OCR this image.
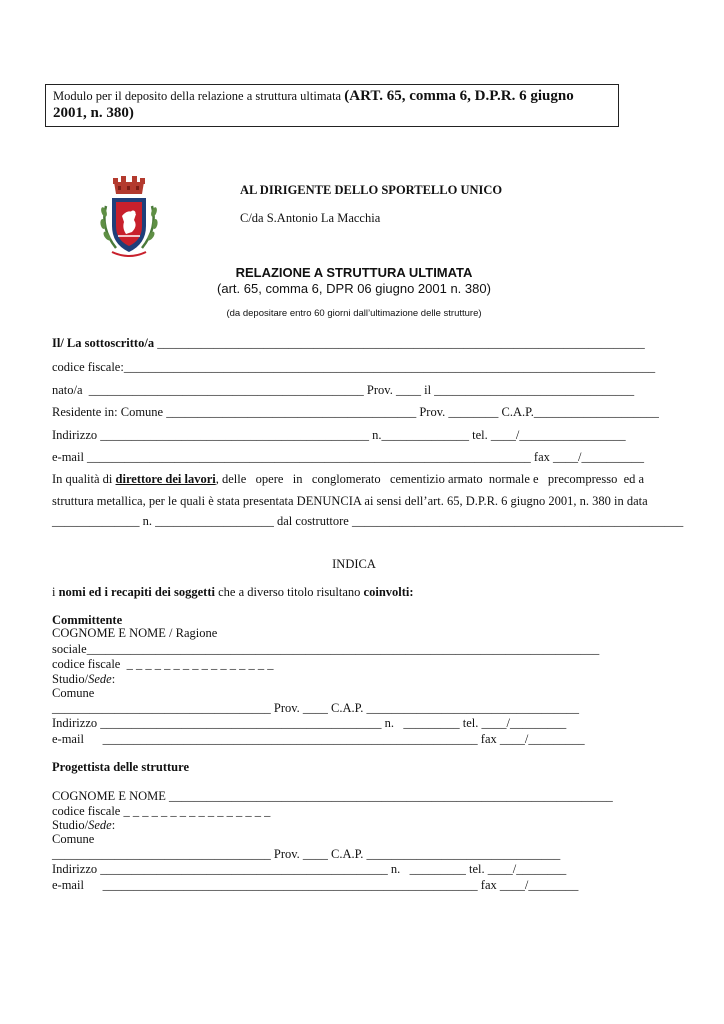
Modulo per il deposito della relazione a struttura ultimata (ART. 65, comma 6, D.P.R. 6 giugno 2001, n. 380)
AL DIRIGENTE DELLO SPORTELLO UNICO
C/da S.Antonio La Macchia
RELAZIONE A STRUTTURA ULTIMATA
(art. 65, comma 6, DPR 06 giugno 2001 n. 380)
(da depositare entro 60 giorni dall’ultimazione delle strutture)
Il/ La sottoscritto/a ______________________________________________________________________________
codice fiscale:_____________________________________________________________________________________
nato/a  ____________________________________________ Prov. ____ il ________________________________
Residente in: Comune ________________________________________ Prov. ________ C.A.P.____________________
Indirizzo ___________________________________________ n.______________ tel. ____/_________________
e-mail _______________________________________________________________________ fax ____/__________
In qualità di direttore dei lavori, delle   opere   in   conglomerato   cementizio armato  normale e   precompresso  ed a
struttura metallica, per le quali è stata presentata DENUNCIA ai sensi dell’art. 65, D.P.R. 6 giugno 2001, n. 380 in data
______________ n. ___________________ dal costruttore _____________________________________________________
INDICA
i nomi ed i recapiti dei soggetti che a diverso titolo risultano coinvolti:
Committente
COGNOME E NOME / Ragione
sociale__________________________________________________________________________________
codice fiscale  _ _ _ _ _ _ _ _ _ _ _ _ _ _ _ _
Studio/Sede:
Comune
___________________________________ Prov. ____ C.A.P. __________________________________
Indirizzo _____________________________________________ n.   _________ tel. ____/_________
e-mail      ____________________________________________________________ fax ____/_________
Progettista delle strutture
COGNOME E NOME _______________________________________________________________________
codice fiscale _ _ _ _ _ _ _ _ _ _ _ _ _ _ _ _
Studio/Sede:
Comune
___________________________________ Prov. ____ C.A.P. _______________________________
Indirizzo ______________________________________________ n.   _________ tel. ____/________
e-mail      ____________________________________________________________ fax ____/________
